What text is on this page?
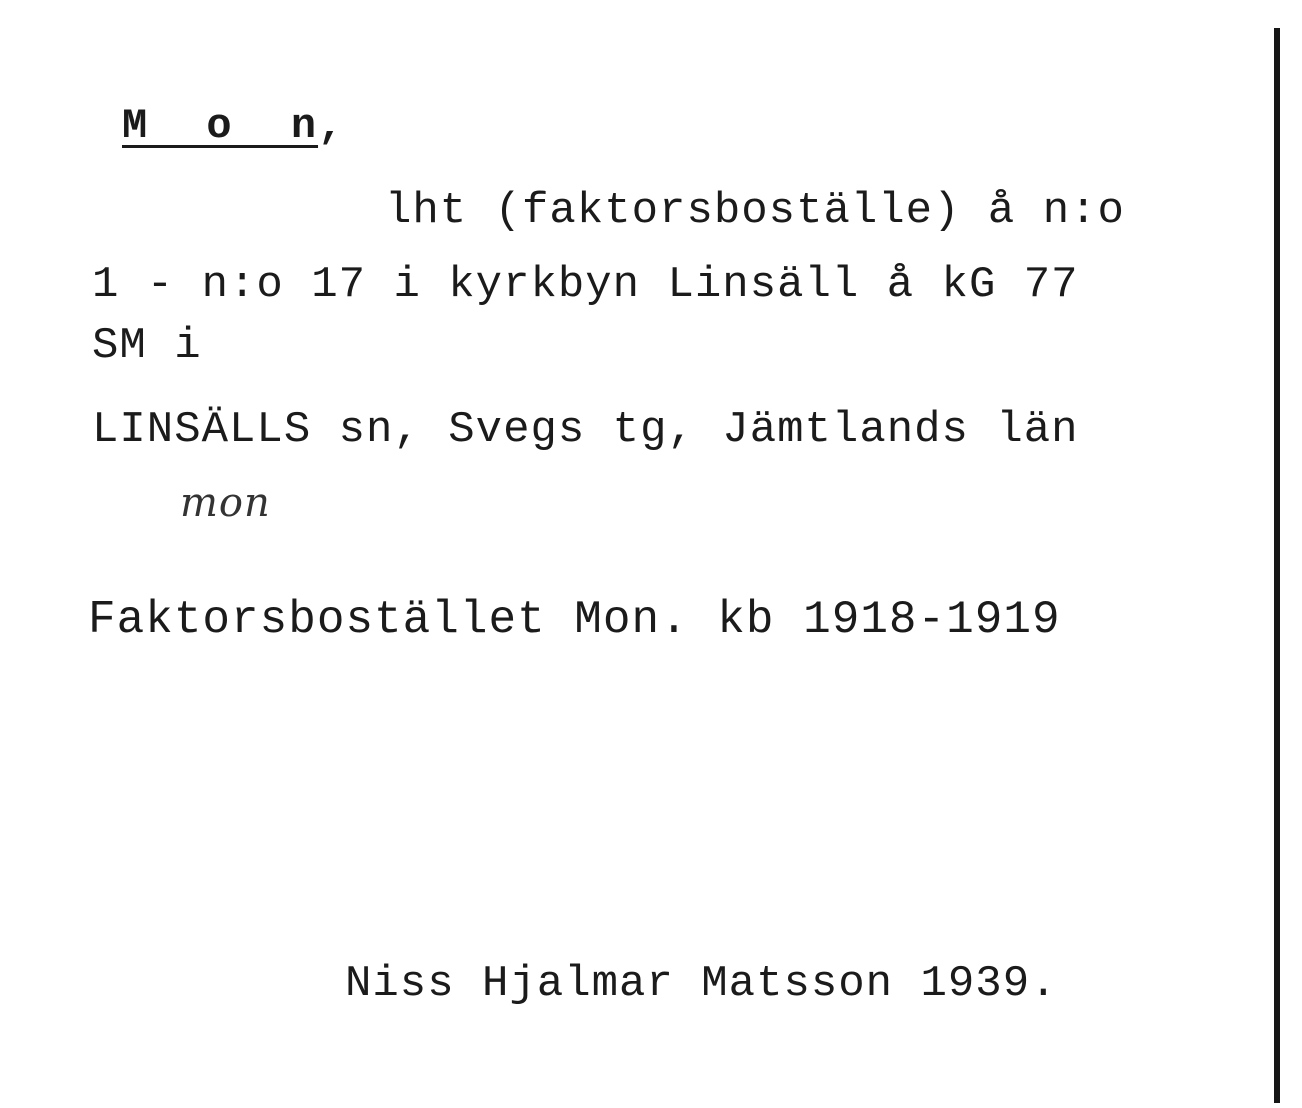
M o n,
lht (faktorsboställe) å n:o
1 - n:o 17 i kyrkbyn Linsäll å kG 77
SM i
LINSÄLLS sn, Svegs tg, Jämtlands län
mon
Faktorsbostället Mon. kb 1918-1919
Niss Hjalmar Matsson 1939.
